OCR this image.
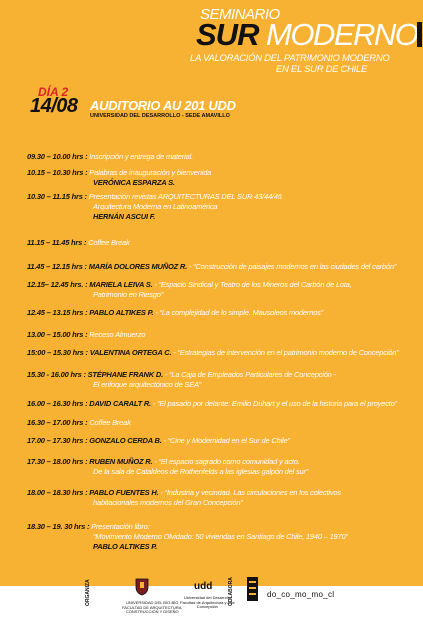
SEMINARIO
SUR MODERNO
LA VALORACIÓN DEL PATRIMONIO MODERNO
EN EL SUR DE CHILE
DÍA 2
14/08 AUDITORIO AU 201 UDD
UNIVERSIDAD DEL DESARROLLO - SEDE AMAVILLO
09.30 – 10.00 hrs : Inscripción y entrega de material.
10.15 – 10.30 hrs : Palabras de inauguración y bienvenida
VERÓNICA ESPARZA S.
10.30 – 11.15 hrs : Presentación revistas ARQUITECTURAS DEL SUR 43/44/45
Arquitectura Moderna en Latinoamérica
HERNÁN ASCUI F.
11.15 – 11.45 hrs : Coffee Break
11.45 – 12.15 hrs : MARÍA DOLORES MUÑOZ R. - “Construcción de paisajes modernos en las ciudades del carbón”
12.15– 12.45 hrs. : MARIELA LEIVA S. - “Espacio Sindical y Teatro de los Mineros del Carbón de Lota,
Patrimonio en Riesgo”
12.45 – 13.15 hrs : PABLO ALTIKES P. - “La complejidad de lo simple. Mausoleos modernos”
13.00 – 15.00 hrs : Receso Almuerzo
15:00 – 15.30 hrs : VALENTINA ORTEGA C. - “Estrategias de intervención en el patrimonio moderno de Concepción”
15.30 - 16.00 hrs : STÉPHANE FRANK D. - “La Caja de Empleados Particulares de Concepción -
El enfoque arquitectónico de SEA”
16.00 – 16.30 hrs : DAVID CARALT R. - “El pasado por delante: Emilio Duhart y el uso de la historia para el proyecto”
16.30 – 17.00 hrs : Coffee Break
17.00 – 17.30 hrs : GONZALO CERDA B. - “Cine y Modernidad en el Sur de Chile”
17.30 – 18.00 hrs : RUBEN MUÑOZ R. - “El espacio sagrado como comunidad y acto.
De la sala de Cataldeos de Rothenfelds a las iglesias galpón del sur”
18.00 – 18.30 hrs : PABLO FUENTES H. - “Industria y vecindad. Las circulaciones en los colectivos
habitacionales modernos del Gran Concepción”
18.30 – 19. 30 hrs : Presentación libro:
“Movimiento Moderno Olvidado: 50 viviendas en Santiago de Chile, 1940 – 1970”
PABLO ALTIKES P.
ORGANIZA	UNIVERSIDAD DEL BÍO-BÍO
FACULTAD DE ARQUITECTURA,
CONSTRUCCIÓN Y DISEÑO
udd
Universidad del Desarrollo
Facultad de Arquitectura y Arte
Concepción
COLABORA	do_co_mo_mo_cl
